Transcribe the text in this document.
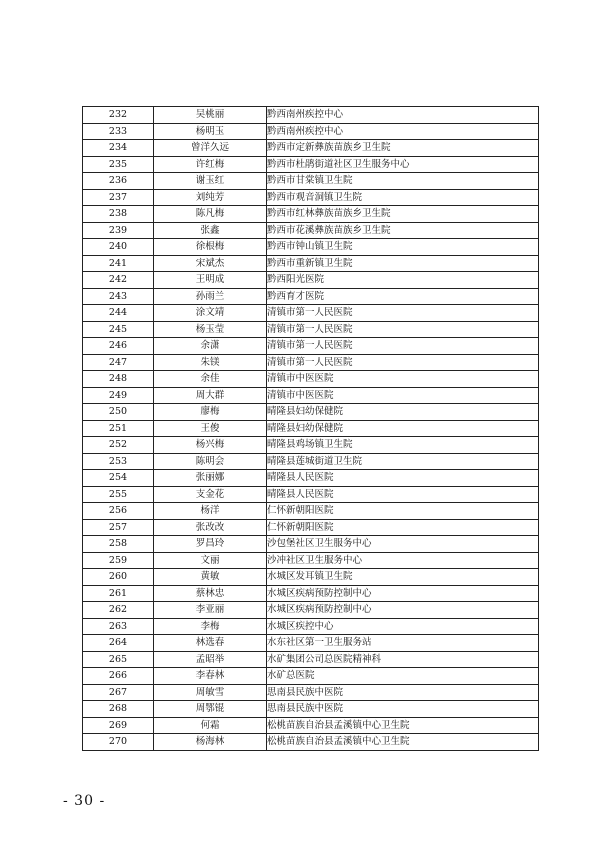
232	吴桃丽	黔西南州疾控中心
233	杨明玉	黔西南州疾控中心
234	曾洋久远	黔西市定新彝族苗族乡卫生院
235	许红梅	黔西市杜鹃街道社区卫生服务中心
236	谢玉红	黔西市甘棠镇卫生院
237	刘纯芳	黔西市观音洞镇卫生院
238	陈凡梅	黔西市红林彝族苗族乡卫生院
239	张鑫	黔西市花溪彝族苗族乡卫生院
240	徐根梅	黔西市钟山镇卫生院
241	宋斌杰	黔西市重新镇卫生院
242	王明成	黔西阳光医院
243	孙雨兰	黔西育才医院
244	涂文靖	清镇市第一人民医院
245	杨玉莹	清镇市第一人民医院
246	余潇	清镇市第一人民医院
247	朱镁	清镇市第一人民医院
248	余佳	清镇市中医医院
249	周大群	清镇市中医医院
250	廖梅	晴隆县妇幼保健院
251	王俊	晴隆县妇幼保健院
252	杨兴梅	晴隆县鸡场镇卫生院
253	陈明会	晴隆县莲城街道卫生院
254	张丽娜	晴隆县人民医院
255	支金花	晴隆县人民医院
256	杨洋	仁怀新朝阳医院
257	张改改	仁怀新朝阳医院
258	罗昌玲	沙包堡社区卫生服务中心
259	文丽	沙冲社区卫生服务中心
260	黄敏	水城区发耳镇卫生院
261	蔡林忠	水城区疾病预防控制中心
262	李亚丽	水城区疾病预防控制中心
263	李梅	水城区疾控中心
264	林选春	水东社区第一卫生服务站
265	孟昭举	水矿集团公司总医院精神科
266	李春林	水矿总医院
267	周敏雪	思南县民族中医院
268	周鄂锟	思南县民族中医院
269	何霜	松桃苗族自治县孟溪镇中心卫生院
270	杨海林	松桃苗族自治县孟溪镇中心卫生院
- 30 -
